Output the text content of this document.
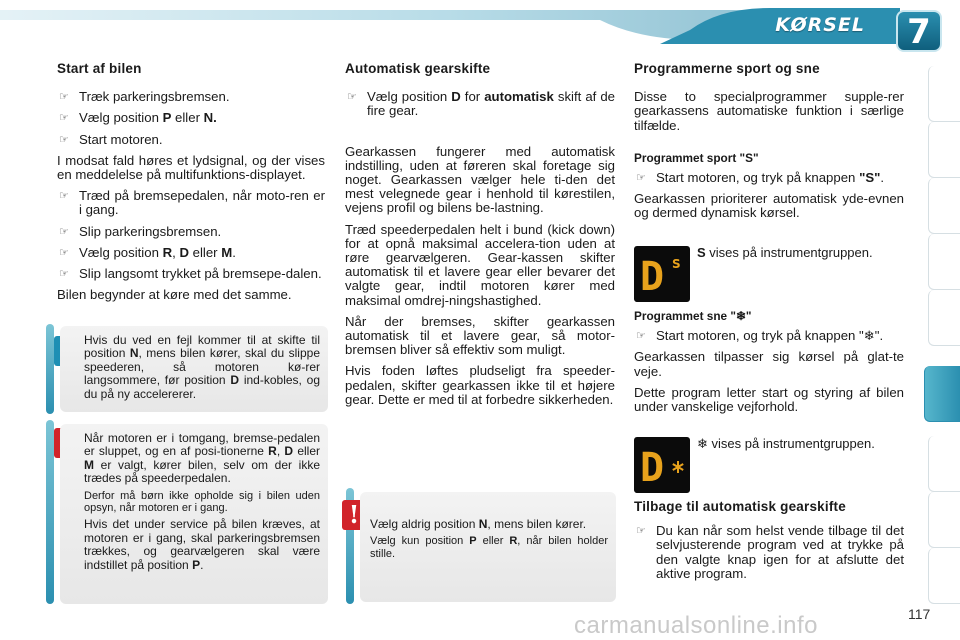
KØRSEL 7
Start af bilen
☞ Træk parkeringsbremsen.
☞ Vælg position P eller N.
☞ Start motoren.

I modsat fald høres et lydsignal, og der vises en meddelelse på multifunktions-displayet.

☞ Træd på bremsepedalen, når moto-ren er i gang.
☞ Slip parkeringsbremsen.
☞ Vælg position R, D eller M.
☞ Slip langsomt trykket på bremsepe-dalen.

Bilen begynder at køre med det samme.

Hvis du ved en fejl kommer til at skifte til position N, mens bilen kører, skal du slippe speederen, så motoren kø-rer langsommere, før position D ind-kobles, og du på ny accelererer.

Når motoren er i tomgang, bremse-pedalen er sluppet, og en af posi-tionerne R, D eller M er valgt, kører bilen, selv om der ikke trædes på speederpedalen.

Derfor må børn ikke opholde sig i bilen uden opsyn, når motoren er i gang.

Hvis det under service på bilen kræves, at motoren er i gang, skal parkeringsbremsen trækkes, og gearvælgeren skal være indstillet på position P.

Automatisk gearskifte
☞ Vælg position D for automatisk skift af de fire gear.

Gearkassen fungerer med automatisk indstilling, uden at føreren skal foretage sig noget. Gearkassen vælger hele ti-den det mest velegnede gear i henhold til kørestilen, vejens profil og bilens be-lastning.

Træd speederpedalen helt i bund (kick down) for at opnå maksimal accelera-tion uden at røre gearvælgeren. Gear-kassen skifter automatisk til et lavere gear eller bevarer det valgte gear, indtil motoren kører med maksimal omdrej-ningshastighed.

Når der bremses, skifter gearkassen automatisk til et lavere gear, så motor-bremsen bliver så effektiv som muligt.

Hvis foden løftes pludseligt fra speeder-pedalen, skifter gearkassen ikke til et højere gear. Dette er med til at forbedre sikkerheden.

! Vælg aldrig position N, mens bilen kører.

Vælg kun position P eller R, når bilen holder stille.

Programmerne sport og sne

Disse to specialprogrammer supple-rer gearkassens automatiske funktion i særlige tilfælde.

Programmet sport "S"
☞ Start motoren, og tryk på knappen "S".

Gearkassen prioriterer automatisk yde-evnen og dermed dynamisk kørsel.

D S
S vises på instrumentgruppen.
Programmet sne "❄"
☞ Start motoren, og tryk på knappen "❄".

Gearkassen tilpasser sig kørsel på glat-te veje.

Dette program letter start og styring af bilen under vanskelige vejforhold.

D
❄ vises på instrumentgruppen.
Tilbage til automatisk gearskifte
☞ Du kan når som helst vende tilbage til det selvjusterende program ved at trykke på den valgte knap igen for at afslutte det aktive program.
carmanualsonline.info	117
